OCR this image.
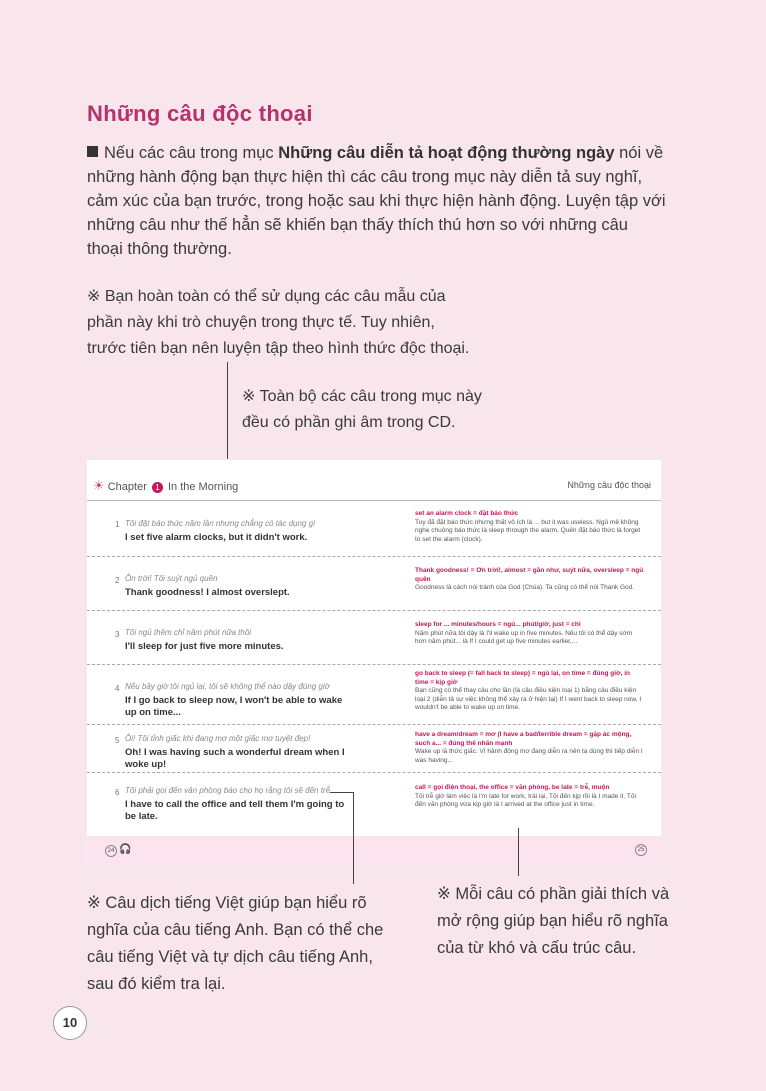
Những câu độc thoại
Nếu các câu trong mục Những câu diễn tả hoạt động thường ngày nói về những hành động bạn thực hiện thì các câu trong mục này diễn tả suy nghĩ, cảm xúc của bạn trước, trong hoặc sau khi thực hiện hành động. Luyện tập với những câu như thế hẳn sẽ khiến bạn thấy thích thú hơn so với những câu thoại thông thường.
※ Bạn hoàn toàn có thể sử dụng các câu mẫu của
phần này khi trò chuyện trong thực tế. Tuy nhiên,
trước tiên bạn nên luyện tập theo hình thức độc thoại.
※ Toàn bộ các câu trong mục này
đều có phần ghi âm trong CD.
☀ Chapter 1 In the Morning	Những câu độc thoại
1 Tôi đặt báo thức năm lần nhưng chẳng có tác dụng gì
I set five alarm clocks, but it didn't work.
set an alarm clock = đặt báo thức
Tuy đã đặt báo thức nhưng thất vô ích là ... but it was useless. Ngủ mê không nghe chuông báo thức là sleep through the alarm. Quên đặt báo thức là forget to set the alarm (clock).
2 Ôn trời! Tôi suýt ngủ quên
Thank goodness! I almost overslept.
Thank goodness! = Ơn trời!, almost = gần như, suýt nữa, oversleep = ngủ quên
Goodness là cách nói tránh của God (Chúa). Ta cũng có thể nói Thank God.
3 Tôi ngủ thêm chỉ năm phút nữa thôi
I'll sleep for just five more minutes.
sleep for ... minutes/hours = ngủ... phút/giờ, just = chỉ
Năm phút nữa tôi dậy là I'll wake up in five minutes. Nếu tôi có thể dậy sớm hơn năm phút... là If I could get up five minutes earlier,...
4 Nếu bây giờ tôi ngủ lại, tôi sẽ không thể nào dậy đúng giờ
If I go back to sleep now, I won't be able to wake up on time...
go back to sleep (= fall back to sleep) = ngủ lại, on time = đúng giờ, in time = kịp giờ
Bạn cũng có thể thay câu cho lần (là câu điều kiện loại 1) bằng câu điều kiện loại 2 (diễn tả sự việc không thể xảy ra ở hiện tại) If I went back to sleep now, I wouldn't be able to wake up on time.
5 Ôi! Tôi tỉnh giấc khi đang mơ một giấc mơ tuyệt đẹp!
Oh! I was having such a wonderful dream when I woke up!
have a dream/dream = mơ (I have a bad/terrible dream = gặp ác mộng, such a... = đúng thế nhấn mạnh
Wake up là thức giấc. Vì hành động mơ đang diễn ra nên ta dùng thì tiếp diễn I was having...
6 Tôi phải gọi đến văn phòng báo cho họ rằng tôi sẽ đến trễ
I have to call the office and tell them I'm going to be late.
call = gọi điện thoại, the office = văn phòng, be late = trễ, muộn
Tôi trễ giờ làm việc là I'm late for work, trái lại, Tôi đến kịp rồi là I made it. Tôi đến văn phòng vừa kịp giờ là I arrived at the office just in time.
24 🎧	25
※ Câu dịch tiếng Việt giúp bạn hiểu rõ
nghĩa của câu tiếng Anh. Bạn có thể che
câu tiếng Việt và tự dịch câu tiếng Anh,
sau đó kiểm tra lại.
※ Mỗi câu có phần giải thích và
mở rộng giúp bạn hiểu rõ nghĩa
của từ khó và cấu trúc câu.
10
